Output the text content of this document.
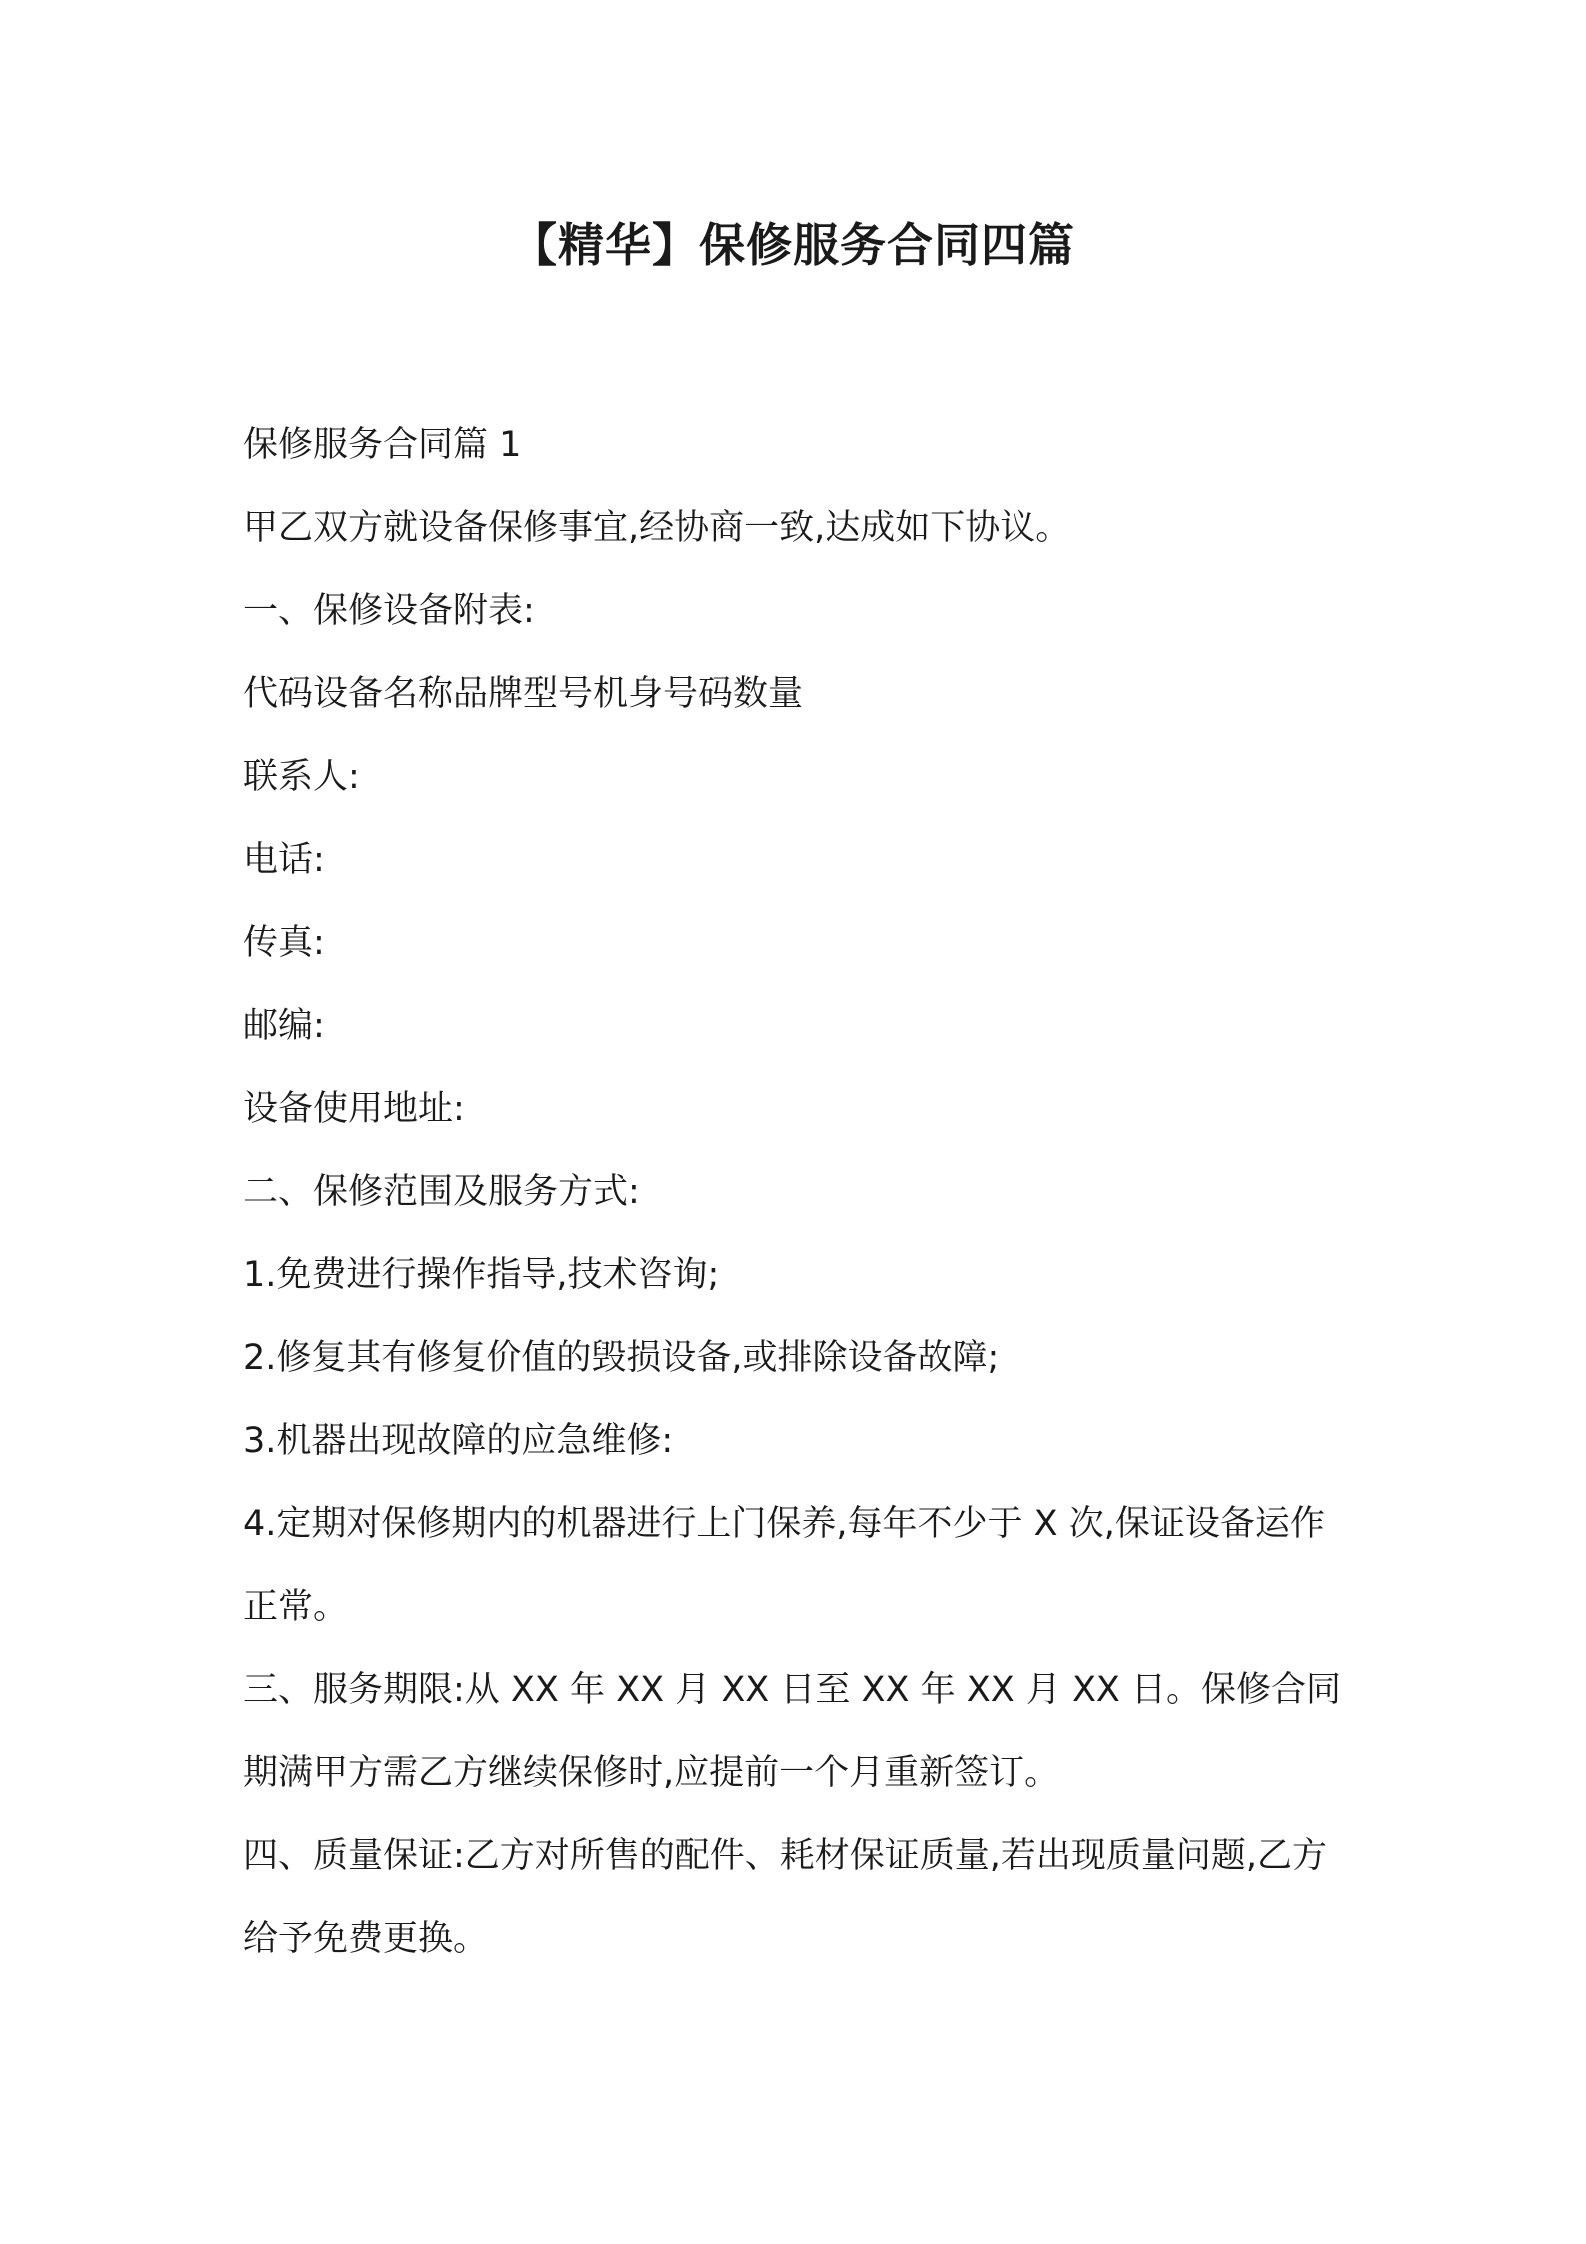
【精华】保修服务合同四篇

保修服务合同篇 1

甲乙双方就设备保修事宜,经协商一致,达成如下协议。

一、保修设备附表:

代码设备名称品牌型号机身号码数量

联系人:

电话:

传真:

邮编:

设备使用地址:

二、保修范围及服务方式:

1.免费进行操作指导,技术咨询;

2.修复其有修复价值的毁损设备,或排除设备故障;

3.机器出现故障的应急维修:

4.定期对保修期内的机器进行上门保养,每年不少于 X 次,保证设备运作正常。

三、服务期限:从 XX 年 XX 月 XX 日至 XX 年 XX 月 XX 日。保修合同期满甲方需乙方继续保修时,应提前一个月重新签订。

四、质量保证:乙方对所售的配件、耗材保证质量,若出现质量问题,乙方给予免费更换。
